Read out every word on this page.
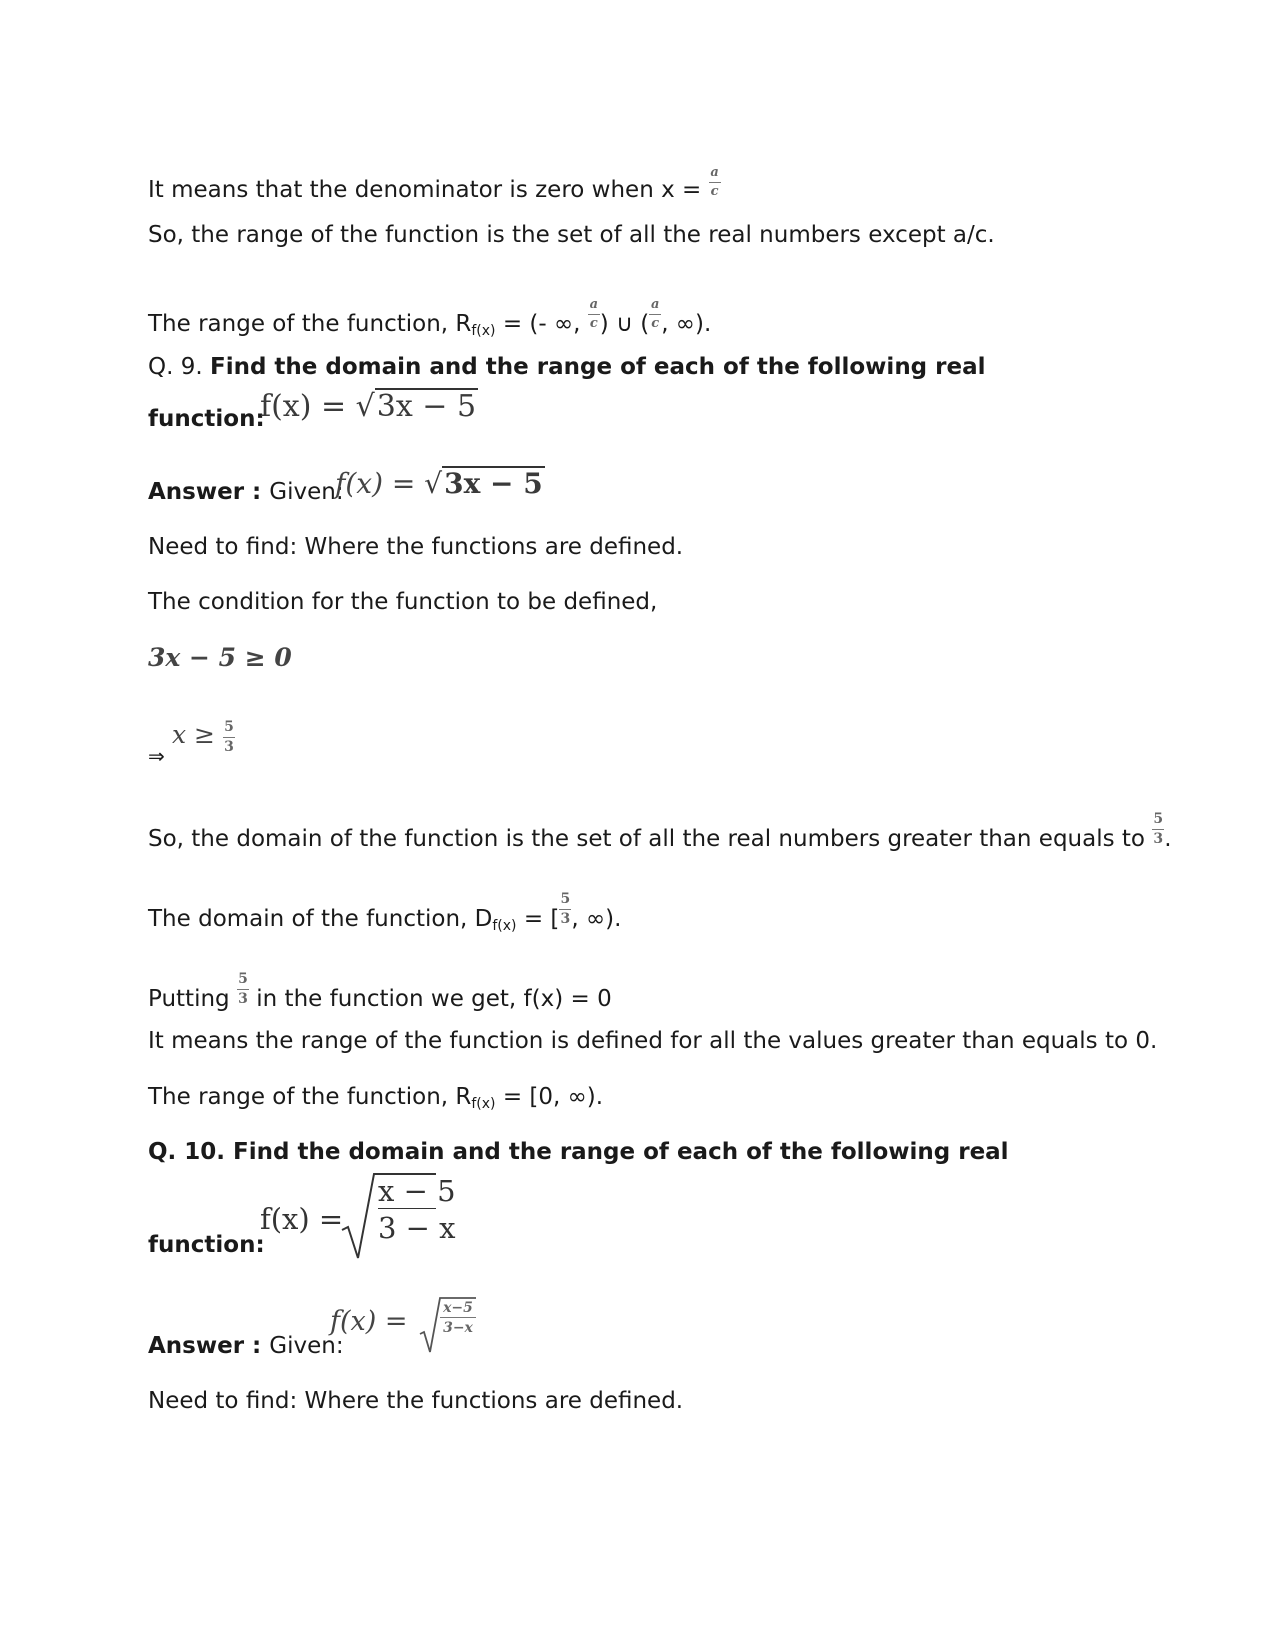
It means that the denominator is zero when $x = \frac{a}{c}$
So, the range of the function is the set of all the real numbers except a/c.
The range of the function, Rf(x) = (- ∞, $\frac{a}{c}$ ) ∪ ( $\frac{a}{c}$ , ∞).
Q. 9. Find the domain and the range of each of the following real
function:
f(x) = √3x − 5
Answer : Given:
f(x) = √3x − 5
Need to find: Where the functions are defined.
The condition for the function to be defined,
3x − 5 ≥ 0
⇒
$x \ge \frac{5}{3}$
So, the domain of the function is the set of all the real numbers greater than equals to $\frac{5}{3}$ .
The domain of the function, Df(x) = [ $\frac{5}{3}$ , ∞).
Putting $\frac{5}{3}$ in the function we get, f(x) = 0
It means the range of the function is defined for all the values greater than equals to 0.
The range of the function, Rf(x) = [0, ∞).
Q. 10. Find the domain and the range of each of the following real
function:
f(x) =
x − 5
3 − x
Answer : Given:
f(x) =	x−5
3−x
Need to find: Where the functions are defined.
